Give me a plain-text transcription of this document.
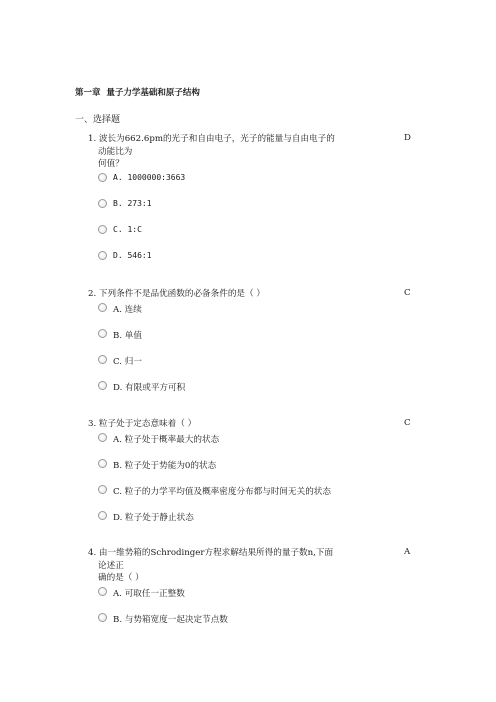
第一章  量子力学基础和原子结构
一、选择题
1. 波长为662.6pm的光子和自由电子，光子的能量与自由电子的
动能比为
何值？
D
A. 1000000:3663
B. 273:1
C. 1:C
D. 546:1
2. 下列条件不是品优函数的必备条件的是（ ）	C
A. 连续
B. 单值
C. 归一
D. 有限或平方可积
3. 粒子处于定态意味着（ ）	C
A. 粒子处于概率最大的状态
B. 粒子处于势能为0的状态
C. 粒子的力学平均值及概率密度分布都与时间无关的状态
D. 粒子处于静止状态
4. 由一维势箱的Schrodinger方程求解结果所得的量子数n,下面
论述正
确的是（ ）
A
A. 可取任一正整数
B. 与势箱宽度一起决定节点数
